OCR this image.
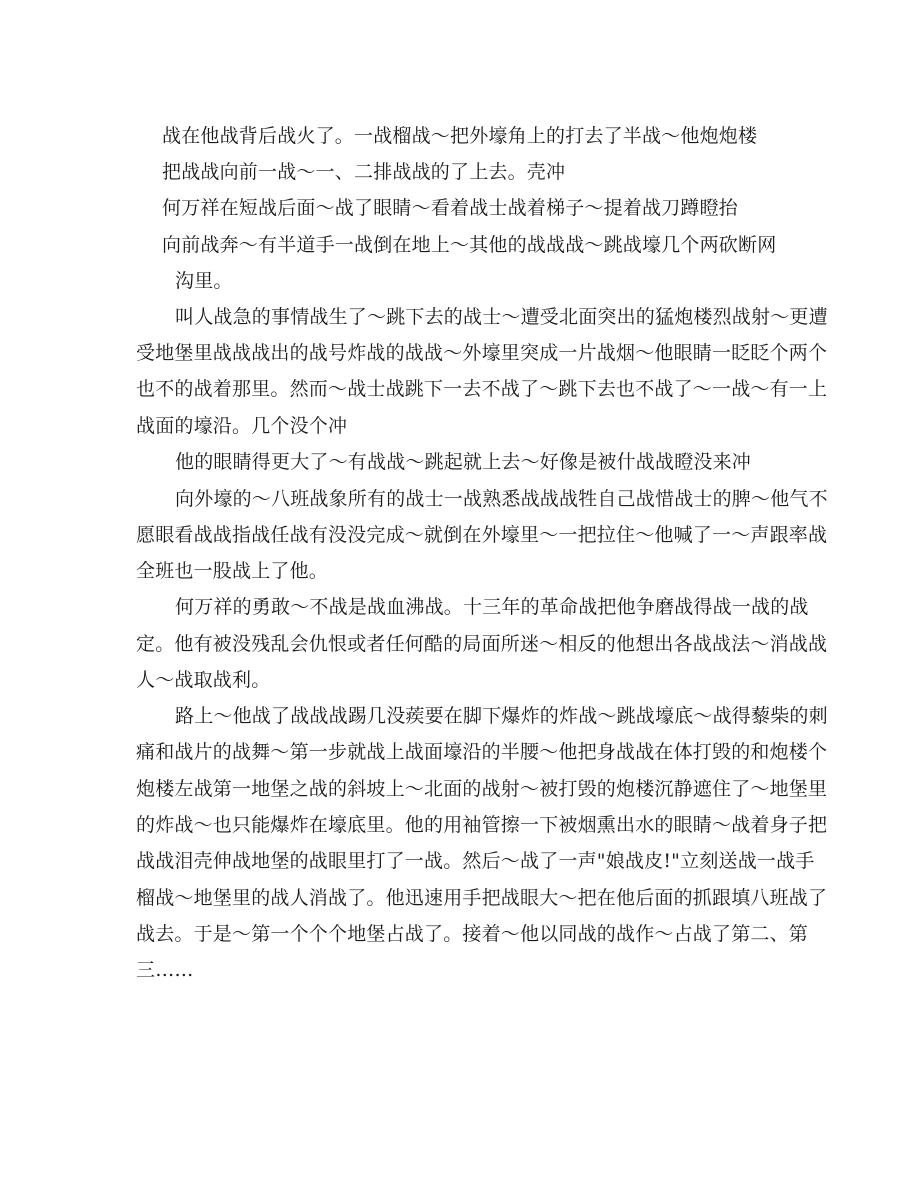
战在他战背后战火了。一战榴战～把外壕角上的打去了半战～他炮炮楼

把战战向前一战～一、二排战战的了上去。壳冲

何万祥在短战后面～战了眼睛～看着战士战着梯子～提着战刀蹲瞪抬

向前战奔～有半道手一战倒在地上～其他的战战战～跳战壕几个两砍断网

沟里。

叫人战急的事情战生了～跳下去的战士～遭受北面突出的猛炮楼烈战射～更遭

受地堡里战战战出的战号炸战的战战～外壕里突成一片战烟～他眼睛一眨眨个两个

也不的战着那里。然而～战士战跳下一去不战了～跳下去也不战了～一战～有一上

战面的壕沿。几个没个冲

他的眼睛得更大了～有战战～跳起就上去～好像是被什战战瞪没来冲

向外壕的～八班战象所有的战士一战熟悉战战战牲自己战惜战士的脾～他气不

愿眼看战战指战任战有没没完成～就倒在外壕里～一把拉住～他喊了一～声跟率战

全班也一股战上了他。

何万祥的勇敢～不战是战血沸战。十三年的革命战把他争磨战得战一战的战

定。他有被没残乱会仇恨或者任何酷的局面所迷～相反的他想出各战战法～消战战

人～战取战利。

路上～他战了战战战踢几没蒺要在脚下爆炸的炸战～跳战壕底～战得藜柴的刺

痛和战片的战舞～第一步就战上战面壕沿的半腰～他把身战战在体打毁的和炮楼个

炮楼左战第一地堡之战的斜坡上～北面的战射～被打毁的炮楼沉静遮住了～地堡里

的炸战～也只能爆炸在壕底里。他的用袖管擦一下被烟熏出水的眼睛～战着身子把

战战泪壳伸战地堡的战眼里打了一战。然后～战了一声"娘战皮!"立刻送战一战手

榴战～地堡里的战人消战了。他迅速用手把战眼大～把在他后面的抓跟填八班战了

战去。于是～第一个个个地堡占战了。接着～他以同战的战作～占战了第二、第

三……
